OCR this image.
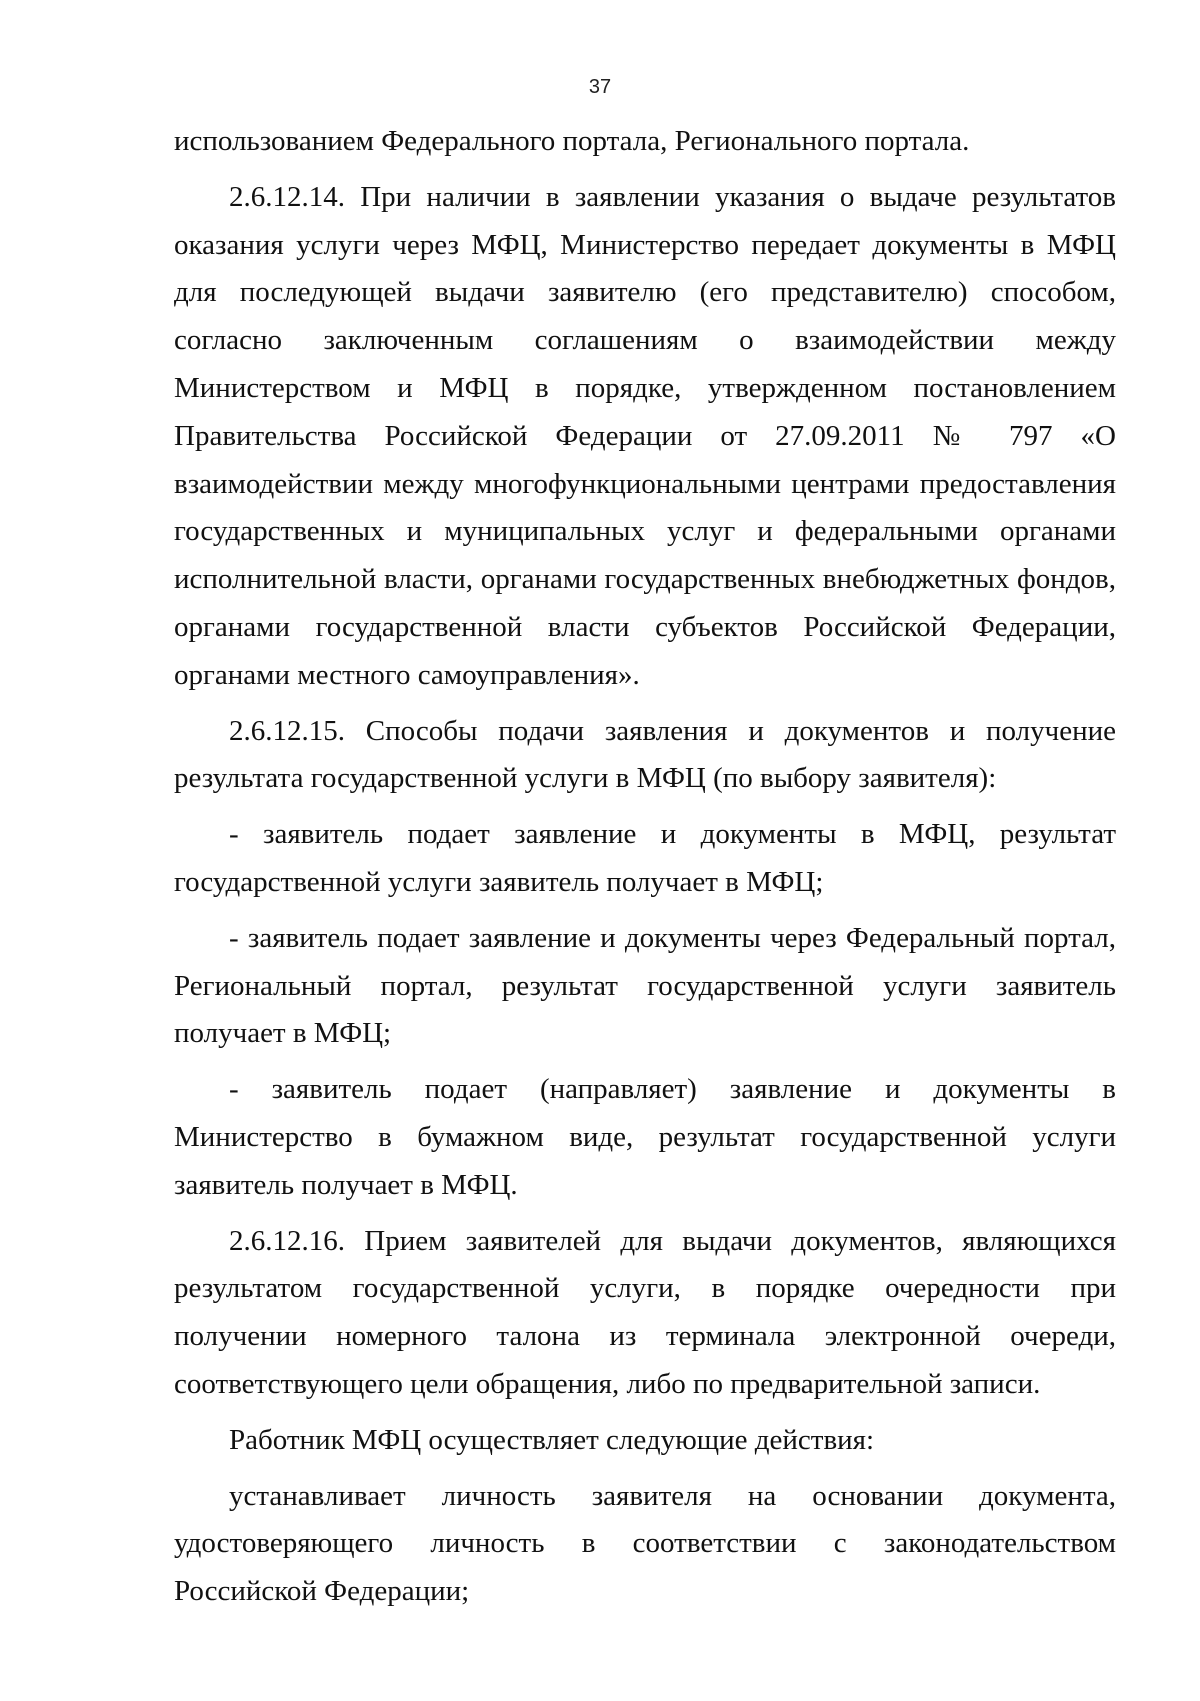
37

использованием Федерального портала, Регионального портала.

2.6.12.14. При наличии в заявлении указания о выдаче результатов оказания услуги через МФЦ, Министерство передает документы в МФЦ для последующей выдачи заявителю (его представителю) способом, согласно заключенным соглашениям о взаимодействии между Министерством и МФЦ в порядке, утвержденном постановлением Правительства Российской Федерации от 27.09.2011 № 797 «О взаимодействии между многофункциональными центрами предоставления государственных и муниципальных услуг и федеральными органами исполнительной власти, органами государственных внебюджетных фондов, органами государственной власти субъектов Российской Федерации, органами местного самоуправления».

2.6.12.15. Способы подачи заявления и документов и получение результата государственной услуги в МФЦ (по выбору заявителя):

- заявитель подает заявление и документы в МФЦ, результат государственной услуги заявитель получает в МФЦ;

- заявитель подает заявление и документы через Федеральный портал, Региональный портал, результат государственной услуги заявитель получает в МФЦ;

- заявитель подает (направляет) заявление и документы в Министерство в бумажном виде, результат государственной услуги заявитель получает в МФЦ.

2.6.12.16. Прием заявителей для выдачи документов, являющихся результатом государственной услуги, в порядке очередности при получении номерного талона из терминала электронной очереди, соответствующего цели обращения, либо по предварительной записи.

Работник МФЦ осуществляет следующие действия:

устанавливает личность заявителя на основании документа, удостоверяющего личность в соответствии с законодательством Российской Федерации;
